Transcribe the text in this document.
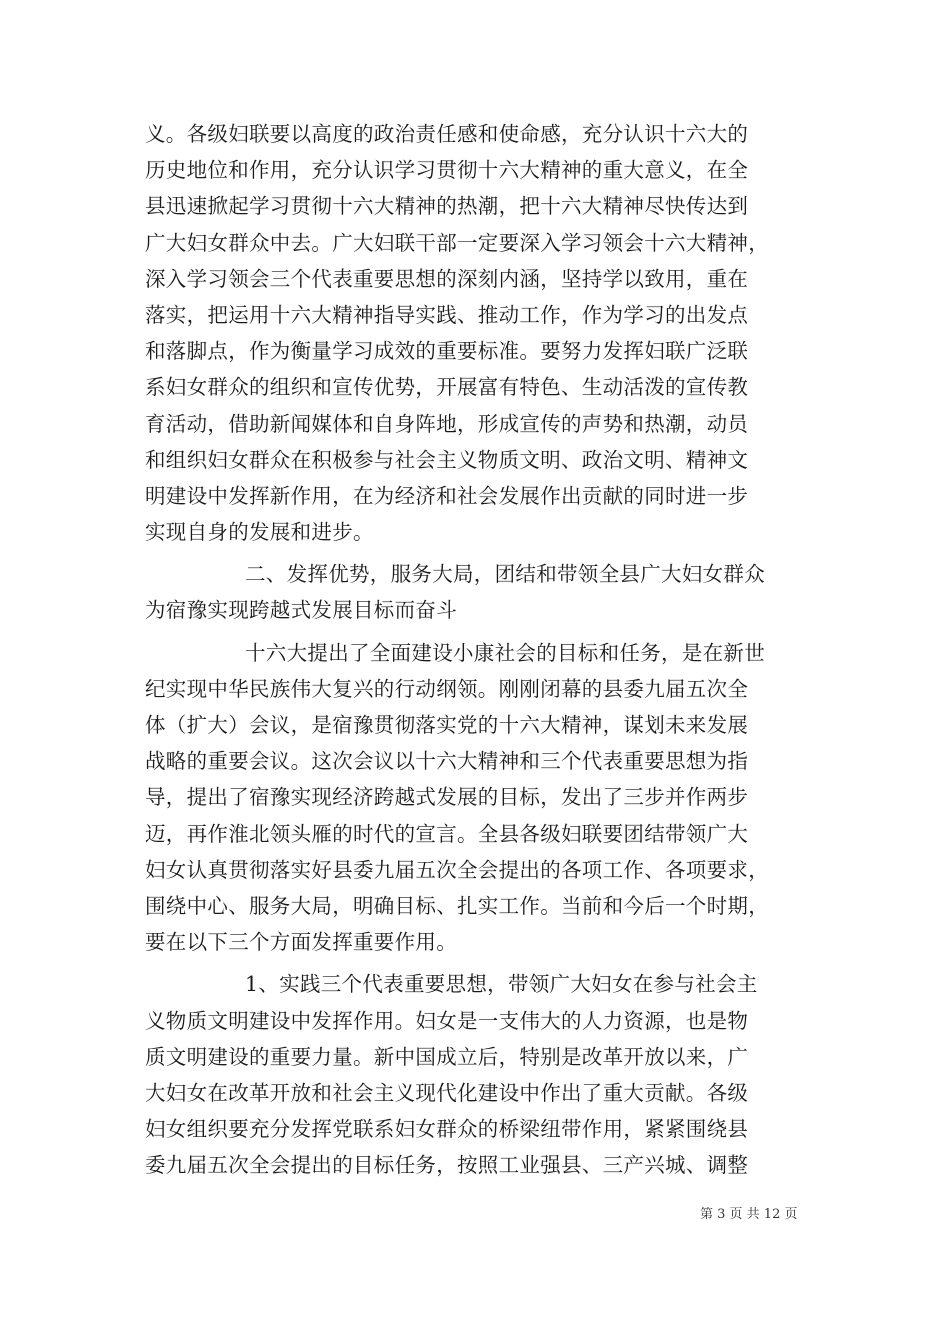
义。各级妇联要以高度的政治责任感和使命感，充分认识十六大的
历史地位和作用，充分认识学习贯彻十六大精神的重大意义，在全
县迅速掀起学习贯彻十六大精神的热潮，把十六大精神尽快传达到
广大妇女群众中去。广大妇联干部一定要深入学习领会十六大精神，
深入学习领会三个代表重要思想的深刻内涵，坚持学以致用，重在
落实，把运用十六大精神指导实践、推动工作，作为学习的出发点
和落脚点，作为衡量学习成效的重要标准。要努力发挥妇联广泛联
系妇女群众的组织和宣传优势，开展富有特色、生动活泼的宣传教
育活动，借助新闻媒体和自身阵地，形成宣传的声势和热潮，动员
和组织妇女群众在积极参与社会主义物质文明、政治文明、精神文
明建设中发挥新作用，在为经济和社会发展作出贡献的同时进一步
实现自身的发展和进步。
二、发挥优势，服务大局，团结和带领全县广大妇女群众
为宿豫实现跨越式发展目标而奋斗
十六大提出了全面建设小康社会的目标和任务，是在新世
纪实现中华民族伟大复兴的行动纲领。刚刚闭幕的县委九届五次全
体（扩大）会议，是宿豫贯彻落实党的十六大精神，谋划未来发展
战略的重要会议。这次会议以十六大精神和三个代表重要思想为指
导，提出了宿豫实现经济跨越式发展的目标，发出了三步并作两步
迈，再作淮北领头雁的时代的宣言。全县各级妇联要团结带领广大
妇女认真贯彻落实好县委九届五次全会提出的各项工作、各项要求，
围绕中心、服务大局，明确目标、扎实工作。当前和今后一个时期，
要在以下三个方面发挥重要作用。
1、实践三个代表重要思想，带领广大妇女在参与社会主
义物质文明建设中发挥作用。妇女是一支伟大的人力资源，也是物
质文明建设的重要力量。新中国成立后，特别是改革开放以来，广
大妇女在改革开放和社会主义现代化建设中作出了重大贡献。各级
妇女组织要充分发挥党联系妇女群众的桥梁纽带作用，紧紧围绕县
委九届五次全会提出的目标任务，按照工业强县、三产兴城、调整
第 3 页 共 12 页
